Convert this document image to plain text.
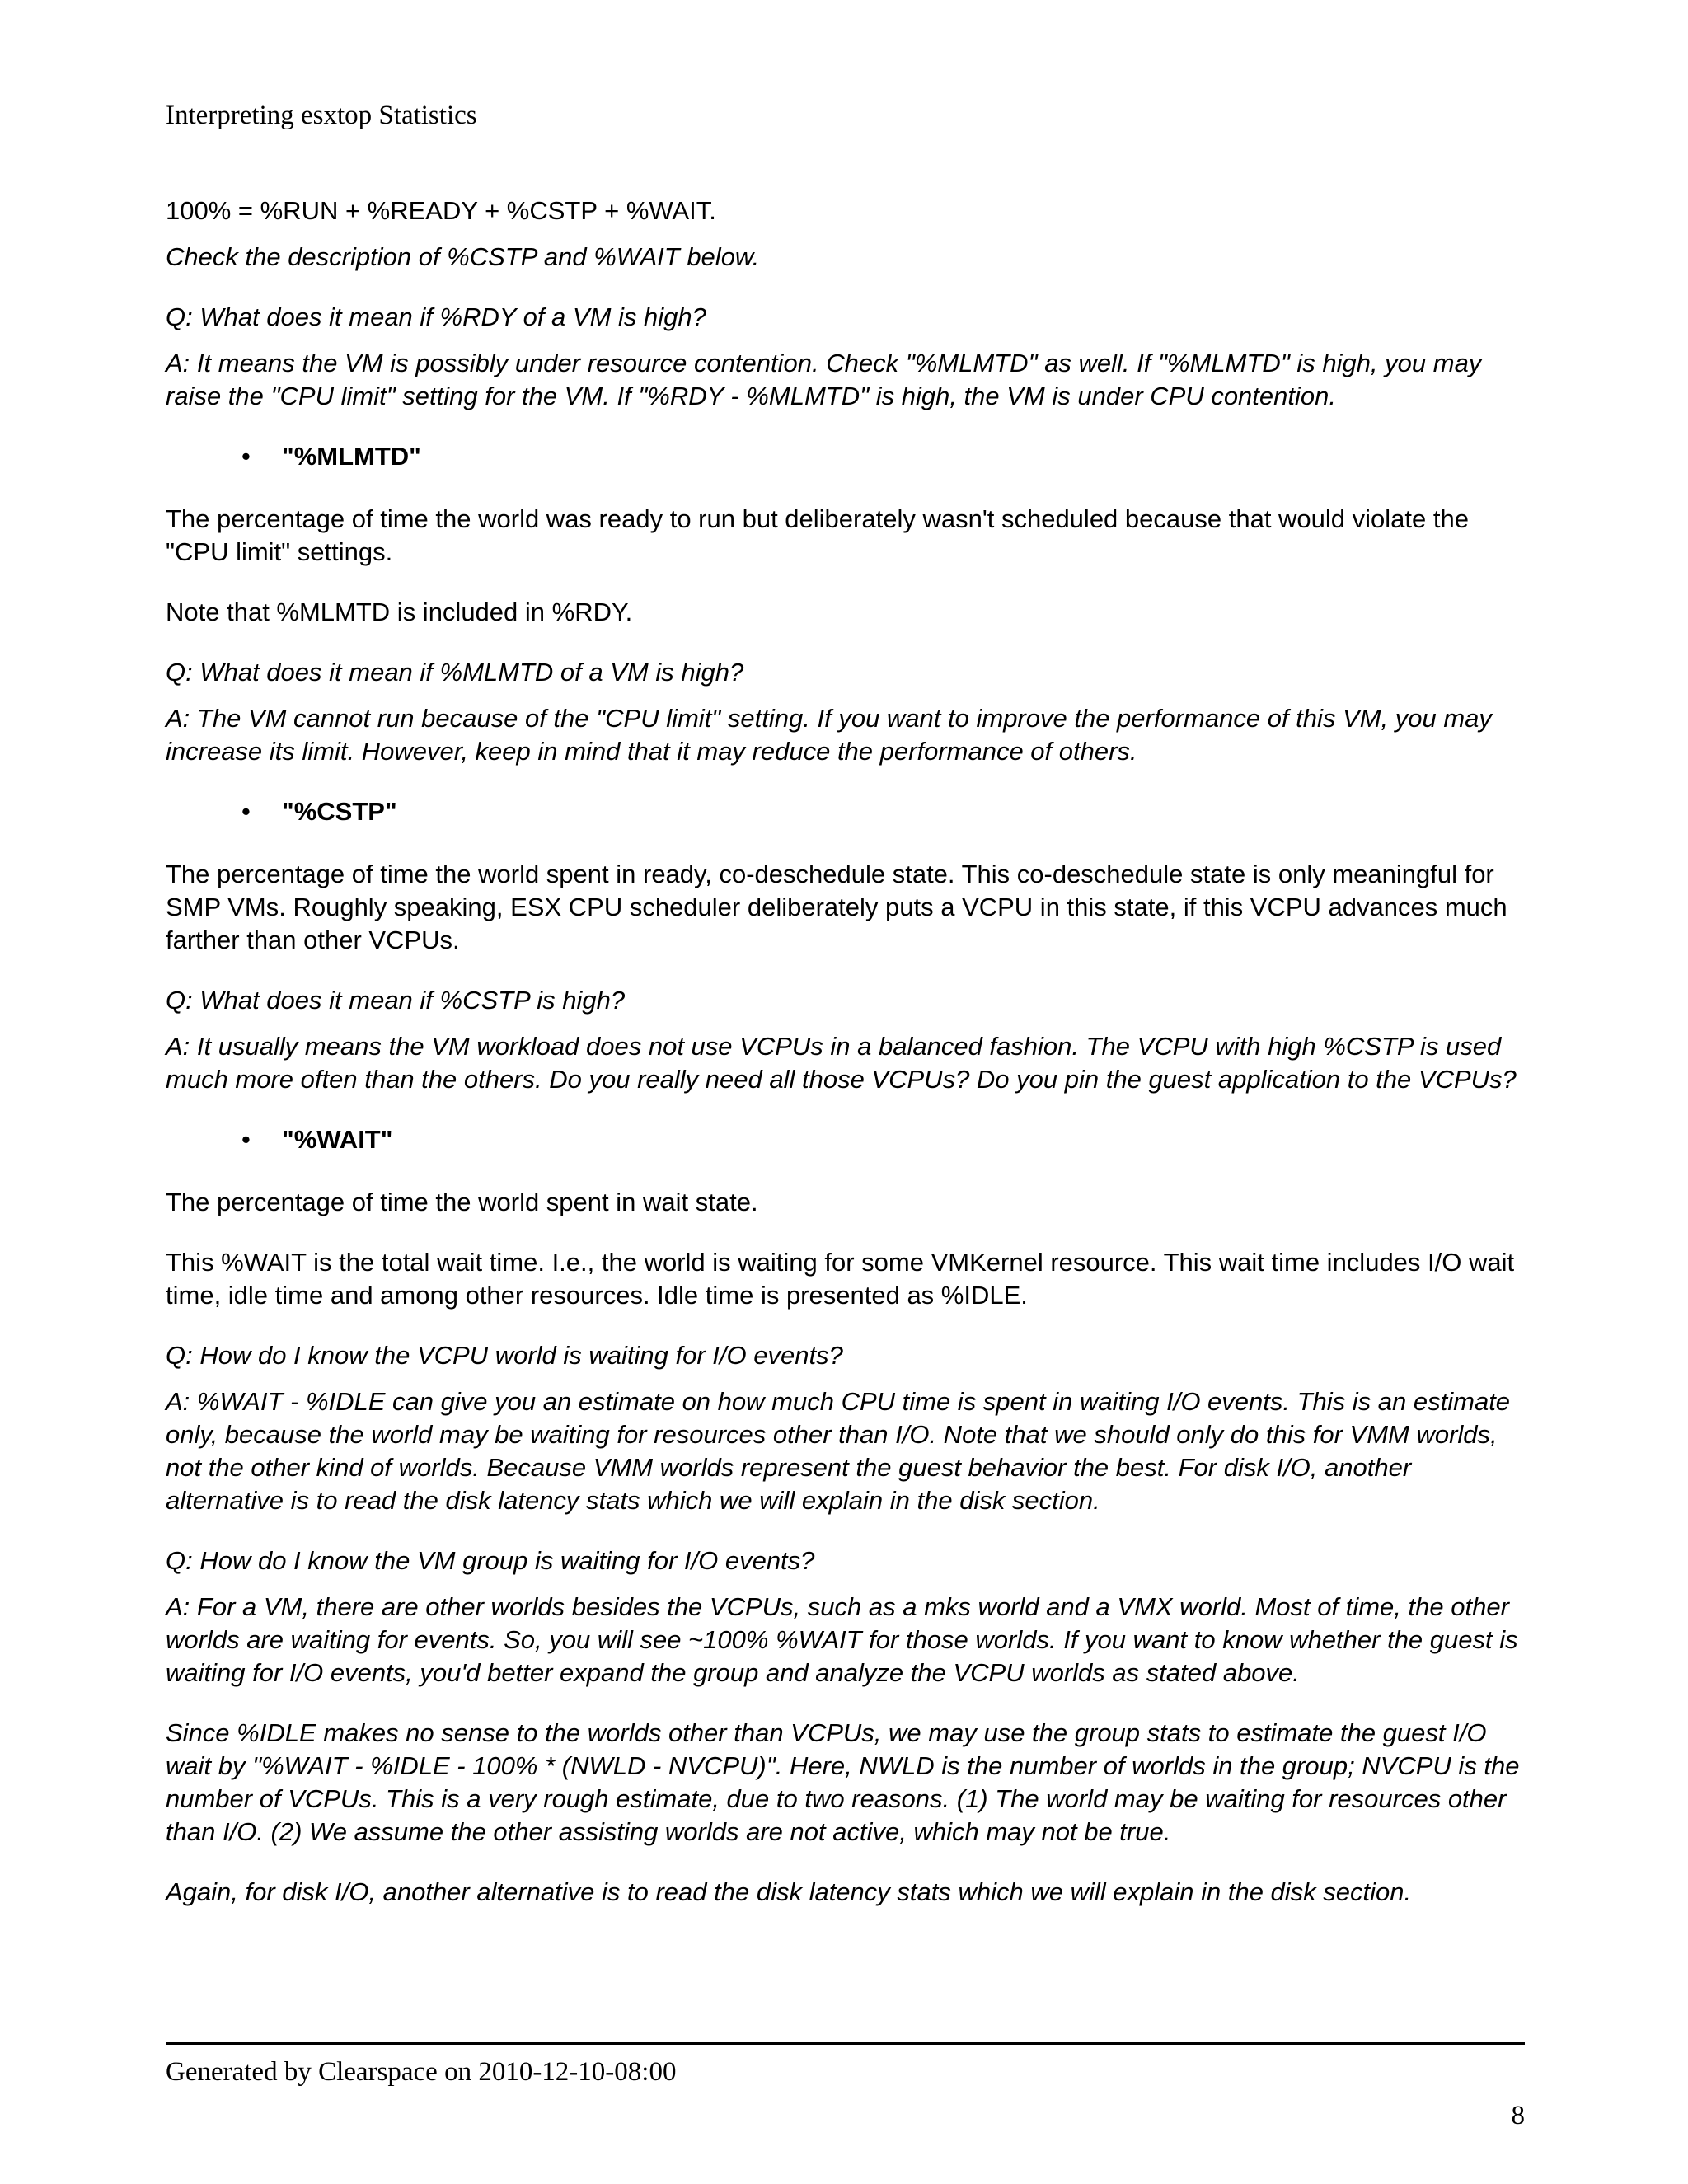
Interpreting esxtop Statistics

100% = %RUN + %READY + %CSTP + %WAIT.

Check the description of %CSTP and %WAIT below.

Q: What does it mean if %RDY of a VM is high?

A: It means the VM is possibly under resource contention. Check "%MLMTD" as well. If "%MLMTD" is high, you may raise the "CPU limit" setting for the VM. If "%RDY - %MLMTD" is high, the VM is under CPU contention.

• "%MLMTD"

The percentage of time the world was ready to run but deliberately wasn't scheduled because that would violate the "CPU limit" settings.

Note that %MLMTD is included in %RDY.

Q: What does it mean if %MLMTD of a VM is high?

A: The VM cannot run because of the "CPU limit" setting. If you want to improve the performance of this VM, you may increase its limit. However, keep in mind that it may reduce the performance of others.

• "%CSTP"

The percentage of time the world spent in ready, co-deschedule state. This co-deschedule state is only meaningful for SMP VMs. Roughly speaking, ESX CPU scheduler deliberately puts a VCPU in this state, if this VCPU advances much farther than other VCPUs.

Q: What does it mean if %CSTP is high?

A: It usually means the VM workload does not use VCPUs in a balanced fashion. The VCPU with high %CSTP is used much more often than the others. Do you really need all those VCPUs? Do you pin the guest application to the VCPUs?

• "%WAIT"

The percentage of time the world spent in wait state.

This %WAIT is the total wait time. I.e., the world is waiting for some VMKernel resource. This wait time includes I/O wait time, idle time and among other resources. Idle time is presented as %IDLE.

Q: How do I know the VCPU world is waiting for I/O events?

A: %WAIT - %IDLE can give you an estimate on how much CPU time is spent in waiting I/O events. This is an estimate only, because the world may be waiting for resources other than I/O. Note that we should only do this for VMM worlds, not the other kind of worlds. Because VMM worlds represent the guest behavior the best. For disk I/O, another alternative is to read the disk latency stats which we will explain in the disk section.

Q: How do I know the VM group is waiting for I/O events?

A: For a VM, there are other worlds besides the VCPUs, such as a mks world and a VMX world. Most of time, the other worlds are waiting for events. So, you will see ~100% %WAIT for those worlds. If you want to know whether the guest is waiting for I/O events, you'd better expand the group and analyze the VCPU worlds as stated above.

Since %IDLE makes no sense to the worlds other than VCPUs, we may use the group stats to estimate the guest I/O wait by "%WAIT - %IDLE - 100% * (NWLD - NVCPU)". Here, NWLD is the number of worlds in the group; NVCPU is the number of VCPUs. This is a very rough estimate, due to two reasons. (1) The world may be waiting for resources other than I/O. (2) We assume the other assisting worlds are not active, which may not be true.

Again, for disk I/O, another alternative is to read the disk latency stats which we will explain in the disk section.

Generated by Clearspace on 2010-12-10-08:00
8
